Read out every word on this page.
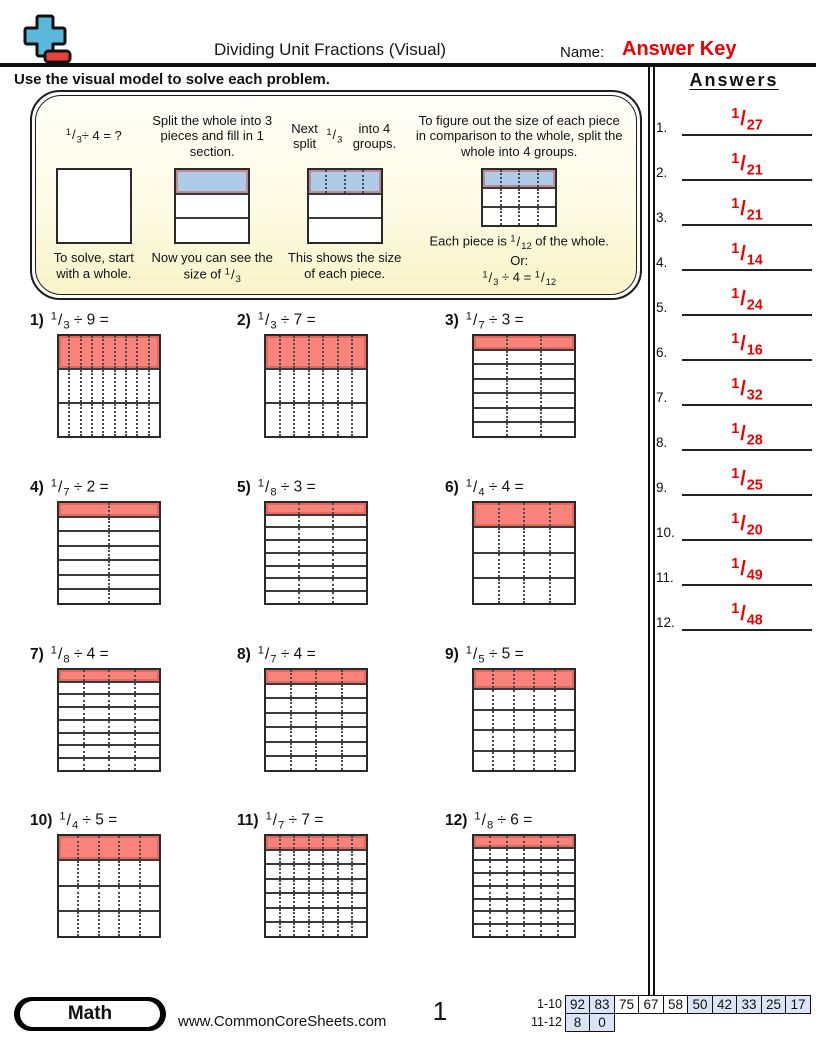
Dividing Unit Fractions (Visual)	Name: Answer Key
Use the visual model to solve each problem.
$^1/_3 \div 4$ = ?
To solve, start with a whole.
Split the whole into 3 pieces and fill in 1 section.
Now you can see the size of $^1/_3$
Next split
$^1/_3$
into 4 groups.
This shows the size of each piece.
To figure out the size of each piece in comparison to the whole, split the whole into 4 groups.
Each piece is $^1/_{12}$ of the whole.
Or:
$^1/_3 \div 4 = ^1/_{12}$
1) $^1/_3 \div 9$ =	2) $^1/_3 \div 7$ =	3) $^1/_7 \div 3$ =
4) $^1/_7 \div 2$ =	5) $^1/_8 \div 3$ =	6) $^1/_4 \div 4$ =
7) $^1/_8 \div 4$ =	8) $^1/_7 \div 4$ =	9) $^1/_5 \div 5$ =
10) $^1/_4 \div 5$ =	11) $^1/_7 \div 7$ =	12) $^1/_8 \div 6$ =
Answers
1.
$^1/_{27}$
2.
$^1/_{21}$
3.
$^1/_{21}$
4.
$^1/_{14}$
5.
$^1/_{24}$
6.
$^1/_{16}$
7.
$^1/_{32}$
8.
$^1/_{28}$
9.
$^1/_{25}$
10.
$^1/_{20}$
11.
$^1/_{49}$
12.
$^1/_{48}$
Math	www.CommonCoreSheets.com	1	1-10 92 83 75 67 58 50 42 33 25 17
11-12 8	0
